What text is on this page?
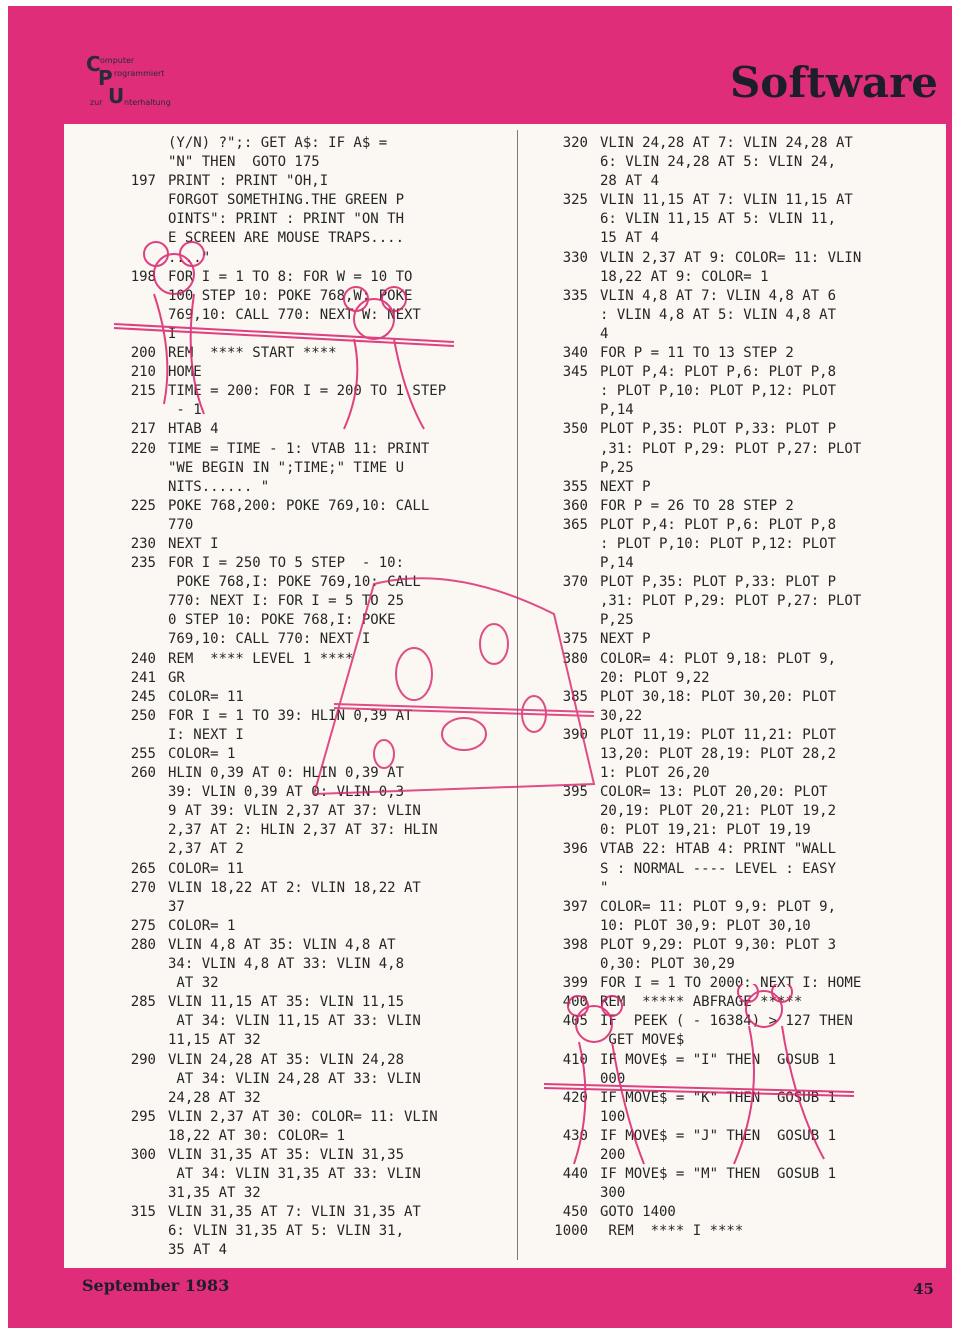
C omputer
P rogrammiert
zur U nterhaltung	Software
(Y/N) ?";: GET A$: IF A$ =
"N" THEN  GOTO 175
197 PRINT : PRINT "OH,I
FORGOT SOMETHING.THE GREEN P
OINTS": PRINT : PRINT "ON TH
E SCREEN ARE MOUSE TRAPS....
...."
198 FOR I = 1 TO 8: FOR W = 10 TO
100 STEP 10: POKE 768,W: POKE
769,10: CALL 770: NEXT W: NEXT
I
200 REM  **** START ****
210 HOME
215 TIME = 200: FOR I = 200 TO 1 STEP
- 1
217 HTAB 4
220 TIME = TIME - 1: VTAB 11: PRINT
"WE BEGIN IN ";TIME;" TIME U
NITS...... "
225 POKE 768,200: POKE 769,10: CALL
770
230 NEXT I
235 FOR I = 250 TO 5 STEP  - 10:
POKE 768,I: POKE 769,10: CALL
770: NEXT I: FOR I = 5 TO 25
0 STEP 10: POKE 768,I: POKE
769,10: CALL 770: NEXT I
240 REM  **** LEVEL 1 ****
241 GR
245 COLOR= 11
250 FOR I = 1 TO 39: HLIN 0,39 AT
I: NEXT I
255 COLOR= 1
260 HLIN 0,39 AT 0: HLIN 0,39 AT
39: VLIN 0,39 AT 0: VLIN 0,3
9 AT 39: VLIN 2,37 AT 37: VLIN
2,37 AT 2: HLIN 2,37 AT 37: HLIN
2,37 AT 2
265 COLOR= 11
270 VLIN 18,22 AT 2: VLIN 18,22 AT
37
275 COLOR= 1
280 VLIN 4,8 AT 35: VLIN 4,8 AT
34: VLIN 4,8 AT 33: VLIN 4,8
AT 32
285 VLIN 11,15 AT 35: VLIN 11,15
AT 34: VLIN 11,15 AT 33: VLIN
11,15 AT 32
290 VLIN 24,28 AT 35: VLIN 24,28
AT 34: VLIN 24,28 AT 33: VLIN
24,28 AT 32
295 VLIN 2,37 AT 30: COLOR= 11: VLIN
18,22 AT 30: COLOR= 1
300 VLIN 31,35 AT 35: VLIN 31,35
AT 34: VLIN 31,35 AT 33: VLIN
31,35 AT 32
315 VLIN 31,35 AT 7: VLIN 31,35 AT
6: VLIN 31,35 AT 5: VLIN 31,
35 AT 4
320 VLIN 24,28 AT 7: VLIN 24,28 AT
6: VLIN 24,28 AT 5: VLIN 24,
28 AT 4
325 VLIN 11,15 AT 7: VLIN 11,15 AT
6: VLIN 11,15 AT 5: VLIN 11,
15 AT 4
330 VLIN 2,37 AT 9: COLOR= 11: VLIN
18,22 AT 9: COLOR= 1
335 VLIN 4,8 AT 7: VLIN 4,8 AT 6
: VLIN 4,8 AT 5: VLIN 4,8 AT
4
340 FOR P = 11 TO 13 STEP 2
345 PLOT P,4: PLOT P,6: PLOT P,8
: PLOT P,10: PLOT P,12: PLOT
P,14
350 PLOT P,35: PLOT P,33: PLOT P
,31: PLOT P,29: PLOT P,27: PLOT
P,25
355 NEXT P
360 FOR P = 26 TO 28 STEP 2
365 PLOT P,4: PLOT P,6: PLOT P,8
: PLOT P,10: PLOT P,12: PLOT
P,14
370 PLOT P,35: PLOT P,33: PLOT P
,31: PLOT P,29: PLOT P,27: PLOT
P,25
375 NEXT P
380 COLOR= 4: PLOT 9,18: PLOT 9,
20: PLOT 9,22
385 PLOT 30,18: PLOT 30,20: PLOT
30,22
390 PLOT 11,19: PLOT 11,21: PLOT
13,20: PLOT 28,19: PLOT 28,2
1: PLOT 26,20
395 COLOR= 13: PLOT 20,20: PLOT
20,19: PLOT 20,21: PLOT 19,2
0: PLOT 19,21: PLOT 19,19
396 VTAB 22: HTAB 4: PRINT "WALL
S : NORMAL ---- LEVEL : EASY
"
397 COLOR= 11: PLOT 9,9: PLOT 9,
10: PLOT 30,9: PLOT 30,10
398 PLOT 9,29: PLOT 9,30: PLOT 3
0,30: PLOT 30,29
399 FOR I = 1 TO 2000: NEXT I: HOME
400 REM  ***** ABFRAGE *****
405 IF  PEEK ( - 16384) > 127 THEN
GET MOVE$
410 IF MOVE$ = "I" THEN  GOSUB 1
000
420 IF MOVE$ = "K" THEN  GOSUB 1
100
430 IF MOVE$ = "J" THEN  GOSUB 1
200
440 IF MOVE$ = "M" THEN  GOSUB 1
300
450 GOTO 1400
1000 REM  **** I ****
September 1983	45
